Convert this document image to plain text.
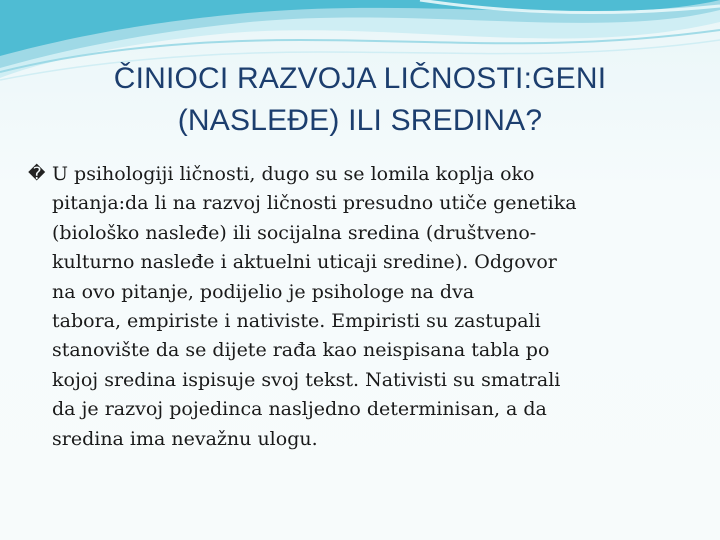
ČINIOCI RAZVOJA LIČNOSTI:GENI
(NASLEĐE) ILI SREDINA?
� U psihologiji ličnosti, dugo su se lomila koplja oko
pitanja:da li na razvoj ličnosti presudno utiče genetika
(biološko nasleđe) ili socijalna sredina (društveno-
kulturno nasleđe i aktuelni uticaji sredine). Odgovor
na ovo pitanje, podijelio je psihologe na dva
tabora, empiriste i nativiste. Empiristi su zastupali
stanovište da se dijete rađa kao neispisana tabla po
kojoj sredina ispisuje svoj tekst. Nativisti su smatrali
da je razvoj pojedinca nasljedno determinisan, a da
sredina ima nevažnu ulogu.
